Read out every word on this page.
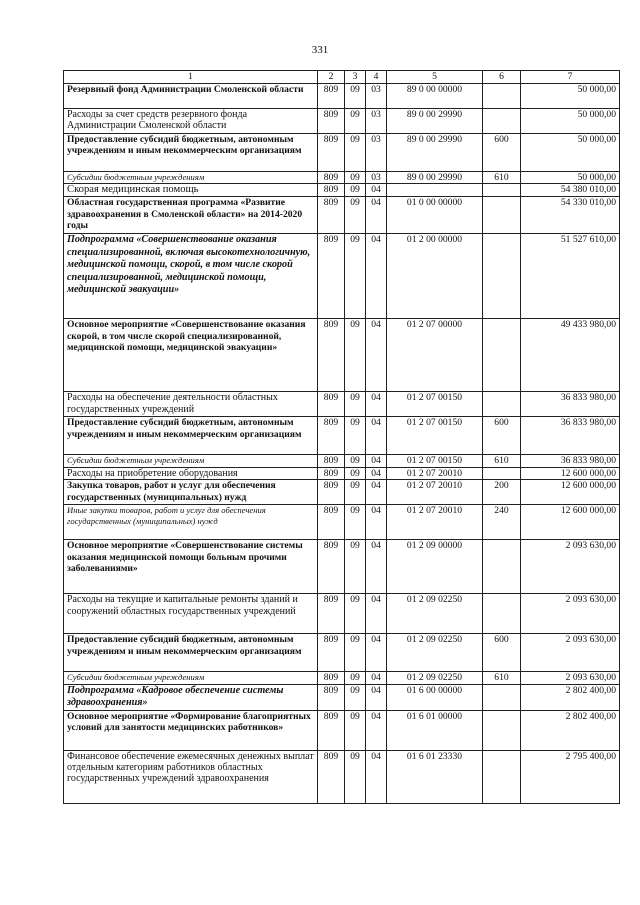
331
1	2	3	4	5	6	7
Резервный фонд Администрации Смоленской области	809	09	03	89 0 00 00000		50 000,00
Расходы за счет средств резервного фонда Администрации Смоленской области	809	09	03	89 0 00 29990		50 000,00
Предоставление субсидий бюджетным, автономным учреждениям и иным некоммерческим организациям	809	09	03	89 0 00 29990	600	50 000,00
Субсидии бюджетным учреждениям	809	09	03	89 0 00 29990	610	50 000,00
Скорая медицинская помощь	809	09	04			54 380 010,00
Областная государственная программа «Развитие здравоохранения в Смоленской области» на 2014-2020 годы	809	09	04	01 0 00 00000		54 330 010,00
Подпрограмма «Совершенствование оказания специализированной, включая высокотехнологичную, медицинской помощи, скорой, в том числе скорой специализированной, медицинской помощи, медицинской эвакуации»	809	09	04	01 2 00 00000		51 527 610,00
Основное мероприятие «Совершенствование оказания скорой, в том числе скорой специализированной, медицинской помощи, медицинской эвакуации»	809	09	04	01 2 07 00000		49 433 980,00
Расходы на обеспечение деятельности областных государственных учреждений	809	09	04	01 2 07 00150		36 833 980,00
Предоставление субсидий бюджетным, автономным учреждениям и иным некоммерческим организациям	809	09	04	01 2 07 00150	600	36 833 980,00
Субсидии бюджетным учреждениям	809	09	04	01 2 07 00150	610	36 833 980,00
Расходы на приобретение оборудования	809	09	04	01 2 07 20010		12 600 000,00
Закупка товаров, работ и услуг для обеспечения государственных (муниципальных) нужд	809	09	04	01 2 07 20010	200	12 600 000,00
Иные закупки товаров, работ и услуг для обеспечения государственных (муниципальных) нужд	809	09	04	01 2 07 20010	240	12 600 000,00
Основное мероприятие «Совершенствование системы оказания медицинской помощи больным прочими заболеваниями»	809	09	04	01 2 09 00000		2 093 630,00
Расходы на текущие и капитальные ремонты зданий и сооружений областных государственных учреждений	809	09	04	01 2 09 02250		2 093 630,00
Предоставление субсидий бюджетным, автономным учреждениям и иным некоммерческим организациям	809	09	04	01 2 09 02250	600	2 093 630,00
Субсидии бюджетным учреждениям	809	09	04	01 2 09 02250	610	2 093 630,00
Подпрограмма «Кадровое обеспечение системы здравоохранения»	809	09	04	01 6 00 00000		2 802 400,00
Основное мероприятие «Формирование благоприятных условий для занятости медицинских работников»	809	09	04	01 6 01 00000		2 802 400,00
Финансовое обеспечение ежемесячных денежных выплат отдельным категориям работников областных государственных учреждений здравоохранения	809	09	04	01 6 01 23330		2 795 400,00
